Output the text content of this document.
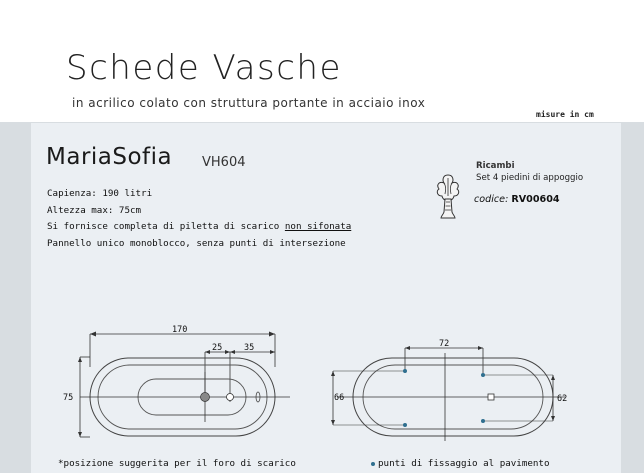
Schede Vasche
in acrilico colato con struttura portante in acciaio inox
misure in cm
MariaSofia VH604
Capienza: 190 litri
Altezza max: 75cm
Si fornisce completa di piletta di scarico non sifonata
Pannello unico monoblocco, senza punti di intersezione
Ricambi
Set 4 piedini di appoggio
codice: RV00604
170
25	35
75
72
66	62
*posizione suggerita per il foro di scarico	punti di fissaggio al pavimento
